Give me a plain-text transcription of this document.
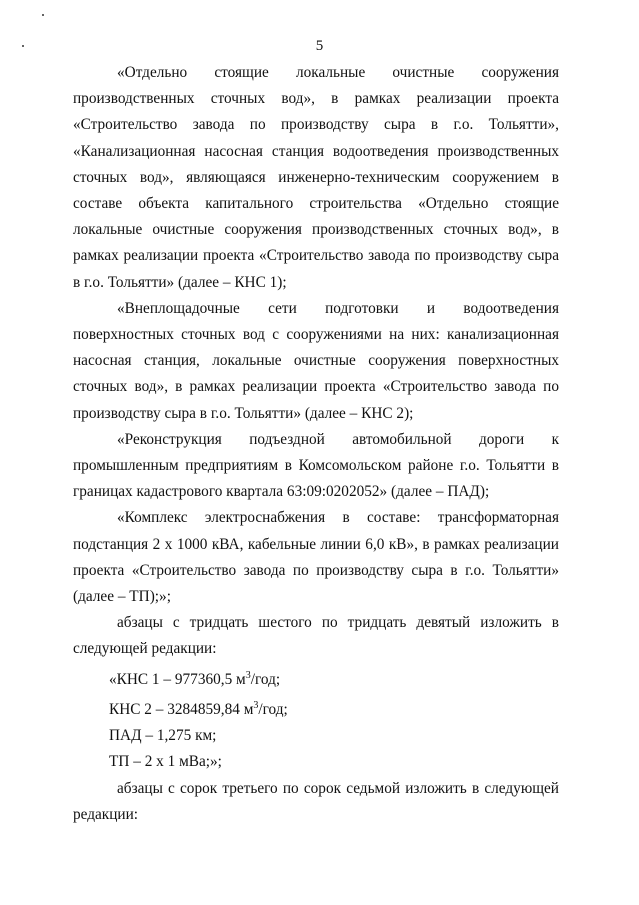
5

«Отдельно стоящие локальные очистные сооружения производственных сточных вод», в рамках реализации проекта «Строительство завода по производству сыра в г.о. Тольятти», «Канализационная насосная станция водоотведения производственных сточных вод», являющаяся инженерно-техническим сооружением в составе объекта капитального строительства «Отдельно стоящие локальные очистные сооружения производственных сточных вод», в рамках реализации проекта «Строительство завода по производству сыра в г.о. Тольятти» (далее – КНС 1);

«Внеплощадочные сети подготовки и водоотведения поверхностных сточных вод с сооружениями на них: канализационная насосная станция, локальные очистные сооружения поверхностных сточных вод», в рамках реализации проекта «Строительство завода по производству сыра в г.о. Тольятти» (далее – КНС 2);

«Реконструкция подъездной автомобильной дороги к промышленным предприятиям в Комсомольском районе г.о. Тольятти в границах кадастрового квартала 63:09:0202052» (далее – ПАД);

«Комплекс электроснабжения в составе: трансформаторная подстанция 2 х 1000 кВА, кабельные линии 6,0 кВ», в рамках реализации проекта «Строительство завода по производству сыра в г.о. Тольятти» (далее – ТП);»;

абзацы с тридцать шестого по тридцать девятый изложить в следующей редакции:

«КНС 1 – 977360,5 $м^3$/год;

КНС 2 – 3284859,84 $м^3$/год;

ПАД – 1,275 км;

ТП – 2 х 1 мВа;»;

абзацы с сорок третьего по сорок седьмой изложить в следующей редакции:
